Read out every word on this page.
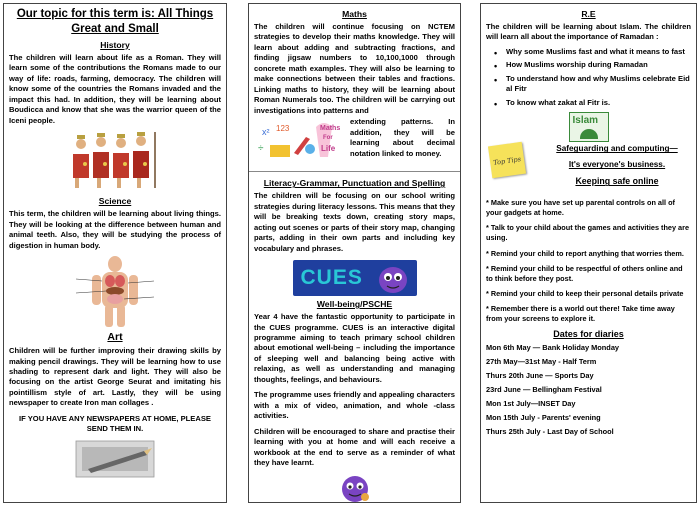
Our topic for this term is: All Things Great and Small
History

The children will learn about life as a Roman. They will learn some of the contributions the Romans made to our way of life: roads, farming, democracy. The children will know some of the countries the Romans invaded and the impact this had. In addition, they will be learning about Boudicca and know that she was the warrior queen of the Iceni people.

Science

This term, the children will be learning about living things. They will be looking at the difference between human and animal teeth. Also, they will be studying the process of digestion in human body.

Art

Children will be further improving their drawing skills by making pencil drawings. They will be learning how to use shading to represent dark and light. They will also be focusing on the artist George Seurat and imitating his pointillism style of art. Lastly, they will be using newspaper to create Iron man collages .

IF YOU HAVE ANY NEWSPAPERS AT HOME, PLEASE SEND THEM IN.

Maths

The children will continue focusing on NCTEM strategies to develop their maths knowledge. They will learn about adding and subtracting fractions, and finding jigsaw numbers to 10,100,1000 through concrete math examples. They will also be learning to make connections between their tables and fractions. Linking maths to history, they will be learning about Roman Numerals too. The children will be carrying out investigations into patterns and

x² 123
÷
Maths
For
Life

extending patterns. In addition, they will be learning about decimal notation linked to money.

Literacy-Grammar, Punctuation and Spelling

The children will be focusing on our school writing strategies during literacy lessons. This means that they will be breaking texts down, creating story maps, acting out scenes or parts of their story map, changing parts, adding in their own parts and including key vocabulary and phrases.

CUES
Well-being/PSCHE

Year 4 have the fantastic opportunity to participate in the CUES programme. CUES is an interactive digital programme aiming to teach primary school children about emotional well-being – including the importance of sleeping well and balancing being active with relaxing, as well as understanding and managing thoughts, feelings, and behaviours.

The programme uses friendly and appealing characters with a mix of video, animation, and whole -class activities.

Children will be encouraged to share and practise their learning with you at home and will each receive a workbook at the end to serve as a reminder of what they have learnt.

R.E

The children will be learning about Islam. The children will learn all about the importance of Ramadan :

• Why some Muslims fast and what it means to fast
• How Muslims worship during Ramadan
• To understand how and why Muslims celebrate Eid al Fitr
• To know what zakat al Fitr is.
Islam
Top Tips
Safeguarding and computing—
It's everyone's business.
Keeping safe online

* Make sure you have set up parental controls on all of your gadgets at home.

* Talk to your child about the games and activities they are using.

* Remind your child to report anything that worries them.

* Remind your child to be respectful of others online and to think before they post.

* Remind your child to keep their personal details private

* Remember there is a world out there! Take time away from your screens to explore it.

Dates for diaries
Mon 6th May — Bank Holiday Monday
27th May—31st May - Half Term
Thurs 20th June — Sports Day
23rd June — Bellingham Festival
Mon 1st July—INSET Day
Mon 15th July - Parents' evening
Thurs 25th July - Last Day of School
